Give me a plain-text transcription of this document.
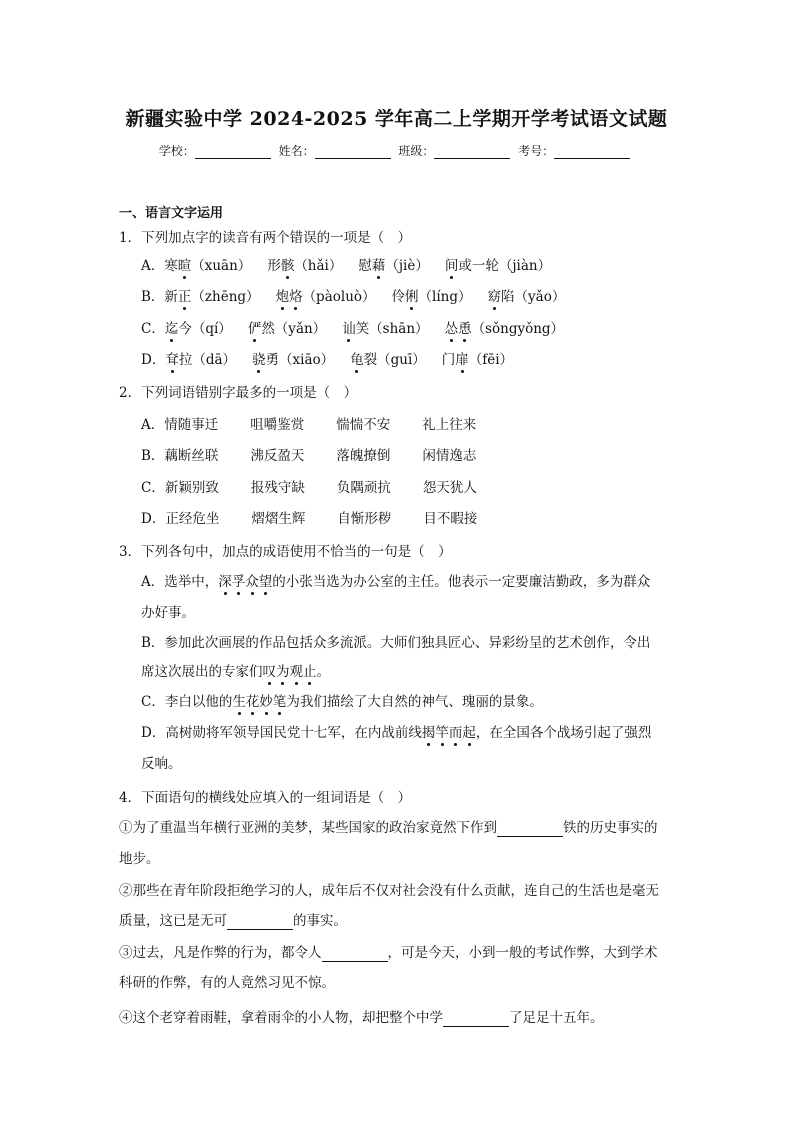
新疆实验中学 2024-2025 学年高二上学期开学考试语文试题
学校：	姓名：	班级：	考号：
一、语言文字运用
1．下列加点字的读音有两个错误的一项是（　）
A．寒暄（xuān） 形骸（hǎi） 慰藉（jiè） 间或一轮（jiàn）
B．新正（zhēng） 炮烙（pàoluò） 伶俐（líng） 窈陷（yǎo）
C．迄今（qí） 俨然（yǎn） 讪笑（shān） 怂恿（sǒngyǒng）
D．耷拉（dā） 骁勇（xiāo） 龟裂（guī） 门扉（fēi）
2．下列词语错别字最多的一项是（　）
A．情随事迁 咀嚼鉴赏 惴惴不安 礼上往来
B．藕断丝联 沸反盈天 落魄撩倒 闲情逸志
C．新颖别致 报残守缺 负隅顽抗 怨天犹人
D．正经危坐 熠熠生辉 自惭形秽 目不暇接
3．下列各句中，加点的成语使用不恰当的一句是（　）
A．选举中，深孚众望的小张当选为办公室的主任。他表示一定要廉洁勤政，多为群众
办好事。
B．参加此次画展的作品包括众多流派。大师们独具匠心、异彩纷呈的艺术创作，令出
席这次展出的专家们叹为观止。
C．李白以他的生花妙笔为我们描绘了大自然的神气、瑰丽的景象。
D．高树勋将军领导国民党十七军，在内战前线揭竿而起，在全国各个战场引起了强烈
反响。
4．下面语句的横线处应填入的一组词语是（　）
①为了重温当年横行亚洲的美梦，某些国家的政治家竟然下作到	铁的历史事实的
地步。
②那些在青年阶段拒绝学习的人，成年后不仅对社会没有什么贡献，连自己的生活也是毫无
质量，这已是无可	的事实。
③过去，凡是作弊的行为，都令人	，可是今天，小到一般的考试作弊，大到学术
科研的作弊，有的人竟然习见不惊。
④这个老穿着雨鞋，拿着雨伞的小人物，却把整个中学	了足足十五年。
